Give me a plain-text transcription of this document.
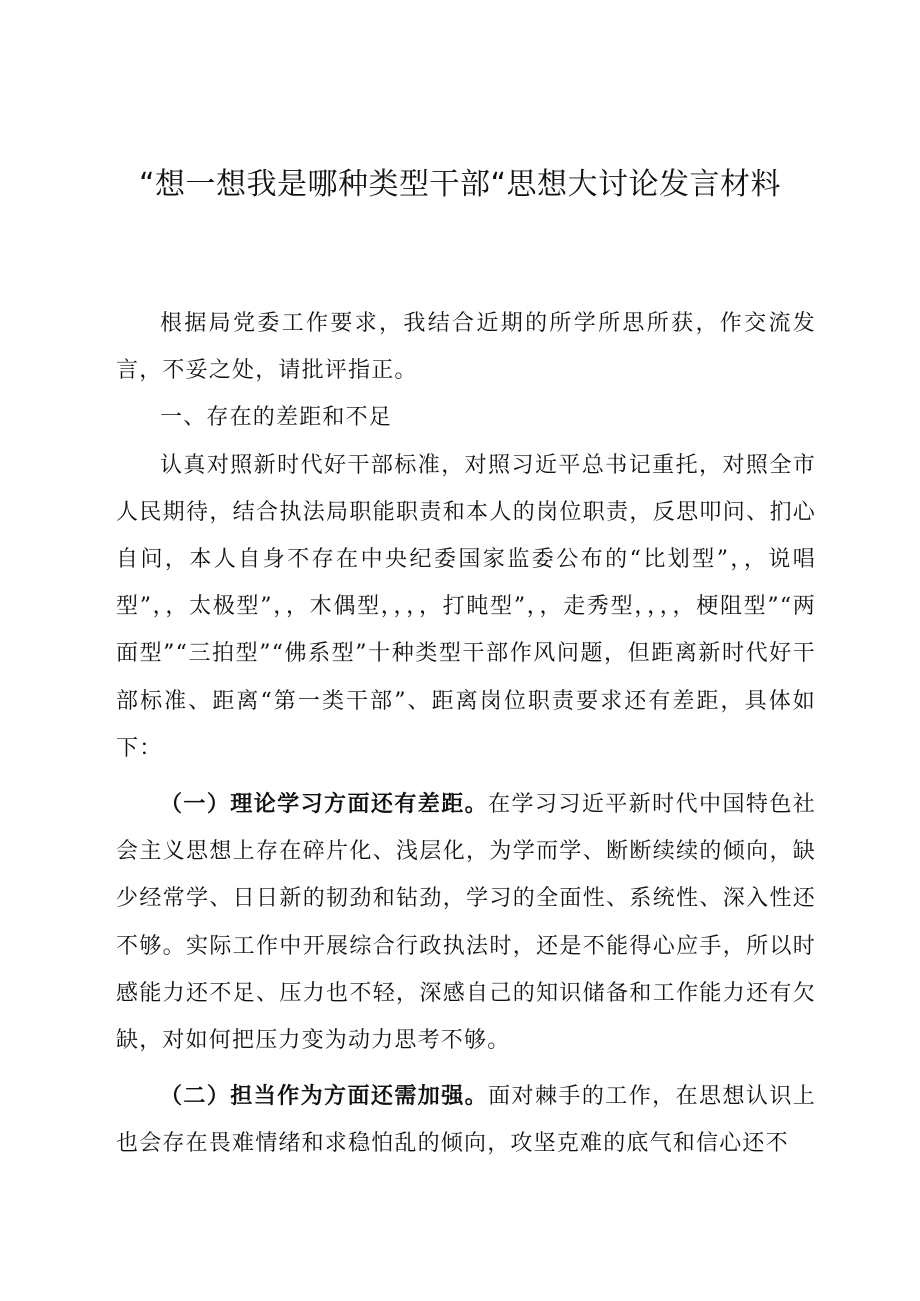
“想一想我是哪种类型干部“思想大讨论发言材料

根据局党委工作要求，我结合近期的所学所思所获，作交流发言，不妥之处，请批评指正。

一、存在的差距和不足

认真对照新时代好干部标准，对照习近平总书记重托，对照全市人民期待，结合执法局职能职责和本人的岗位职责，反思叩问、扪心自问，本人自身不存在中央纪委国家监委公布的“比划型”，，说唱型”，，太极型”，，木偶型，，，，打盹型”，，走秀型，，，，梗阻型”“两面型”“三拍型”“佛系型”十种类型干部作风问题，但距离新时代好干部标准、距离“第一类干部”、距离岗位职责要求还有差距，具体如下：

（一）理论学习方面还有差距。在学习习近平新时代中国特色社会主义思想上存在碎片化、浅层化，为学而学、断断续续的倾向，缺少经常学、日日新的韧劲和钻劲，学习的全面性、系统性、深入性还不够。实际工作中开展综合行政执法时，还是不能得心应手，所以时感能力还不足、压力也不轻，深感自己的知识储备和工作能力还有欠缺，对如何把压力变为动力思考不够。

（二）担当作为方面还需加强。面对棘手的工作，在思想认识上也会存在畏难情绪和求稳怕乱的倾向，攻坚克难的底气和信心还不
